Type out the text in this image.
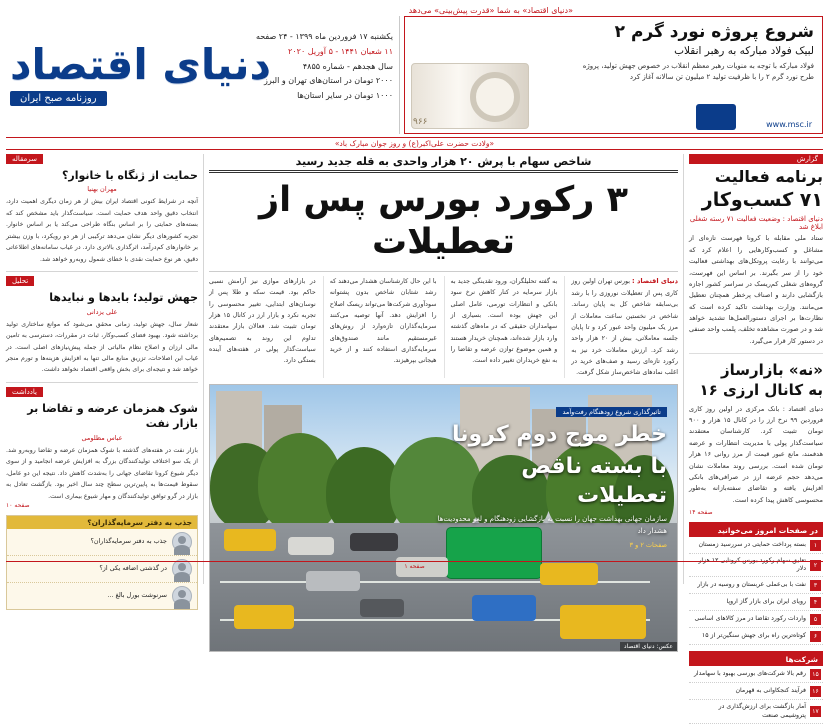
«دنیای اقتصاد» به شما «قدرت پیش‌بینی» می‌دهد
شروع پروژه نورد گرم ۲
لبیک فولاد مبارکه به رهبر انقلاب
فولاد مبارکه با توجه به منویات رهبر معظم انقلاب در خصوص جهش تولید، پروژه طرح نورد گرم ۲ را با ظرفیت تولید ۲ میلیون تن سالانه آغاز کرد
www.msc.ir
۹۶۶
یکشنبه ۱۷ فروردین ماه ۱۳۹۹ - ۲۴ صفحه
۱۱ شعبان ۱۴۴۱ - ۵ آوریل ۲۰۲۰
سال هجدهم - شماره ۴۸۵۵
۲۰۰۰ تومان در استان‌های تهران و البرز
۱۰۰۰ تومان در سایر استان‌ها
دنیای اقتصاد
روزنامه صبح ایران
«ولادت حضرت علی‌اکبر(ع) و روز جوان مبارک باد»
گزارش
برنامه فعالیت
۷۱ کسب‌وکار
دنیای اقتصاد : وضعیت فعالیت ۷۱ رسته شغلی ابلاغ شد
ستاد ملی مقابله با کرونا فهرست تازه‌ای از مشاغل و کسب‌وکارهایی را اعلام کرد که می‌توانند با رعایت پروتکل‌های بهداشتی فعالیت خود را از سر بگیرند. بر اساس این فهرست، گروه‌های شغلی کم‌ریسک در سراسر کشور اجازه بازگشایی دارند و اصناف پرخطر همچنان تعطیل می‌مانند. وزارت بهداشت تاکید کرده است که نظارت‌ها بر اجرای دستورالعمل‌ها تشدید خواهد شد و در صورت مشاهده تخلف، پلمب واحد صنفی در دستور کار قرار می‌گیرد.
«نه» بازارساز
به کانال ارزی ۱۶
دنیای اقتصاد : بانک مرکزی در اولین روز کاری فروردین ۹۹ نرخ ارز را در کانال ۱۵ هزار و ۹۰۰ تومان تثبیت کرد. کارشناسان معتقدند سیاست‌گذار پولی با مدیریت انتظارات و عرضه هدفمند، مانع عبور قیمت از مرز روانی ۱۶ هزار تومان شده است. بررسی روند معاملات نشان می‌دهد حجم عرضه ارز در صرافی‌های بانکی افزایش یافته و تقاضای سفته‌بازانه به‌طور محسوسی کاهش پیدا کرده است.
صفحه ۱۴
در صفحات امروز می‌خوانید
۱
بسته پرداخت حمایتی در سررسید زمستان
۲
تعلیق سهام رکورد بورس کرونایی ۱۲ هزار دلار
۳
نفت با بی‌عملی عربستان و روسیه در بازار
۴
رویای ایران برای بازار گاز اروپا
۵
واردات رکورد تقاضا در مرز کالاهای اساسی
۶
کوتاه‌ترین راه برای جهش سنگین‌تر از ۱۵
شرکت‌ها
۱۵
رقم بالا شرکت‌های بورسی بهبود با سهامدار
۱۶
فرآیند کنجکاوانی به قهرمان
۱۷
آمار بازگشت برای ارزش‌گذاری در پتروشیمی صنعت
شاخص سهام با پرش ۲۰ هزار واحدی به قله جدید رسید
۳ رکورد بورس پس از تعطیلات
دنیای اقتصاد : بورس تهران اولین روز کاری پس از تعطیلات نوروزی را با رشد بی‌سابقه شاخص کل به پایان رساند. شاخص در نخستین ساعت معاملات از مرز یک میلیون واحد عبور کرد و تا پایان جلسه معاملاتی، بیش از ۲۰ هزار واحد رشد کرد. ارزش معاملات خرد نیز به رکورد تازه‌ای رسید و صف‌های خرید در اغلب نمادهای شاخص‌ساز شکل گرفت.
به گفته تحلیلگران، ورود نقدینگی جدید به بازار سرمایه در کنار کاهش نرخ سود بانکی و انتظارات تورمی، عامل اصلی این جهش بوده است. بسیاری از سهامداران حقیقی که در ماه‌های گذشته وارد بازار شده‌اند، همچنان خریدار هستند و همین موضوع توازن عرضه و تقاضا را به نفع خریداران تغییر داده است.
با این حال کارشناسان هشدار می‌دهند که رشد شتابان شاخص بدون پشتوانه سودآوری شرکت‌ها می‌تواند ریسک اصلاح را افزایش دهد. آنها توصیه می‌کنند سرمایه‌گذاران تازه‌وارد از روش‌های غیرمستقیم مانند صندوق‌های سرمایه‌گذاری استفاده کنند و از خرید هیجانی بپرهیزند.
در بازارهای موازی نیز آرامش نسبی حاکم بود. قیمت سکه و طلا پس از نوسان‌های ابتدایی، تغییر محسوسی را تجربه نکرد و بازار ارز در کانال ۱۵ هزار تومان تثبیت شد. فعالان بازار معتقدند تداوم این روند به تصمیم‌های سیاست‌گذار پولی در هفته‌های آینده بستگی دارد.
تاثیرگذاری شروع زودهنگام رفت‌وآمد
خطر موج دوم کرونا
با بسته ناقص تعطیلات
سازمان جهانی بهداشت جهان را نسبت به بازگشایی زودهنگام و لغو محدودیت‌ها هشدار داد
صفحات ۲ و ۳
عکس: دنیای اقتصاد
سرمقاله
حمایت از ژنگاه با خانوار؟
مهران بهنیا
آنچه در شرایط کنونی اقتصاد ایران بیش از هر زمان دیگری اهمیت دارد، انتخاب دقیق واحد هدف حمایت است. سیاست‌گذار باید مشخص کند که بسته‌های حمایتی را بر اساس بنگاه طراحی می‌کند یا بر اساس خانوار. تجربه کشورهای دیگر نشان می‌دهد ترکیبی از هر دو رویکرد، با وزن بیشتر بر خانوارهای کم‌درآمد، اثرگذاری بالاتری دارد. در غیاب سامانه‌های اطلاعاتی دقیق، هر نوع حمایت نقدی با خطای شمول روبه‌رو خواهد شد.
تحلیل
جهش تولید؛ بایدها و نبایدها
علی یزدانی
شعار سال، جهش تولید، زمانی محقق می‌شود که موانع ساختاری تولید برداشته شود. بهبود فضای کسب‌وکار، ثبات در مقررات، دسترسی به تامین مالی ارزان و اصلاح نظام مالیاتی از جمله پیش‌نیازهای اصلی است. در غیاب این اصلاحات، تزریق منابع مالی تنها به افزایش هزینه‌ها و تورم منجر خواهد شد و نتیجه‌ای برای بخش واقعی اقتصاد نخواهد داشت.
یادداشت
شوک همزمان عرضه و تقاضا بر بازار نفت
عباس مظلومی
بازار نفت در هفته‌های گذشته با شوک همزمان عرضه و تقاضا روبه‌رو شد. از یک سو اختلاف تولیدکنندگان بزرگ به افزایش عرضه انجامید و از سوی دیگر شیوع کرونا تقاضای جهانی را به‌شدت کاهش داد. نتیجه این دو عامل، سقوط قیمت‌ها به پایین‌ترین سطح چند سال اخیر بود. بازگشت تعادل به بازار در گرو توافق تولیدکنندگان و مهار شیوع بیماری است.
صفحه ۱۰
جذب به دفتر سرمایه‌گذاران؟
جذب به دفتر سرمایه‌گذاران؟
در گذشتی اضافه یکی از؟
سرنوشت بورل بالغ ...
صفحه ۱
